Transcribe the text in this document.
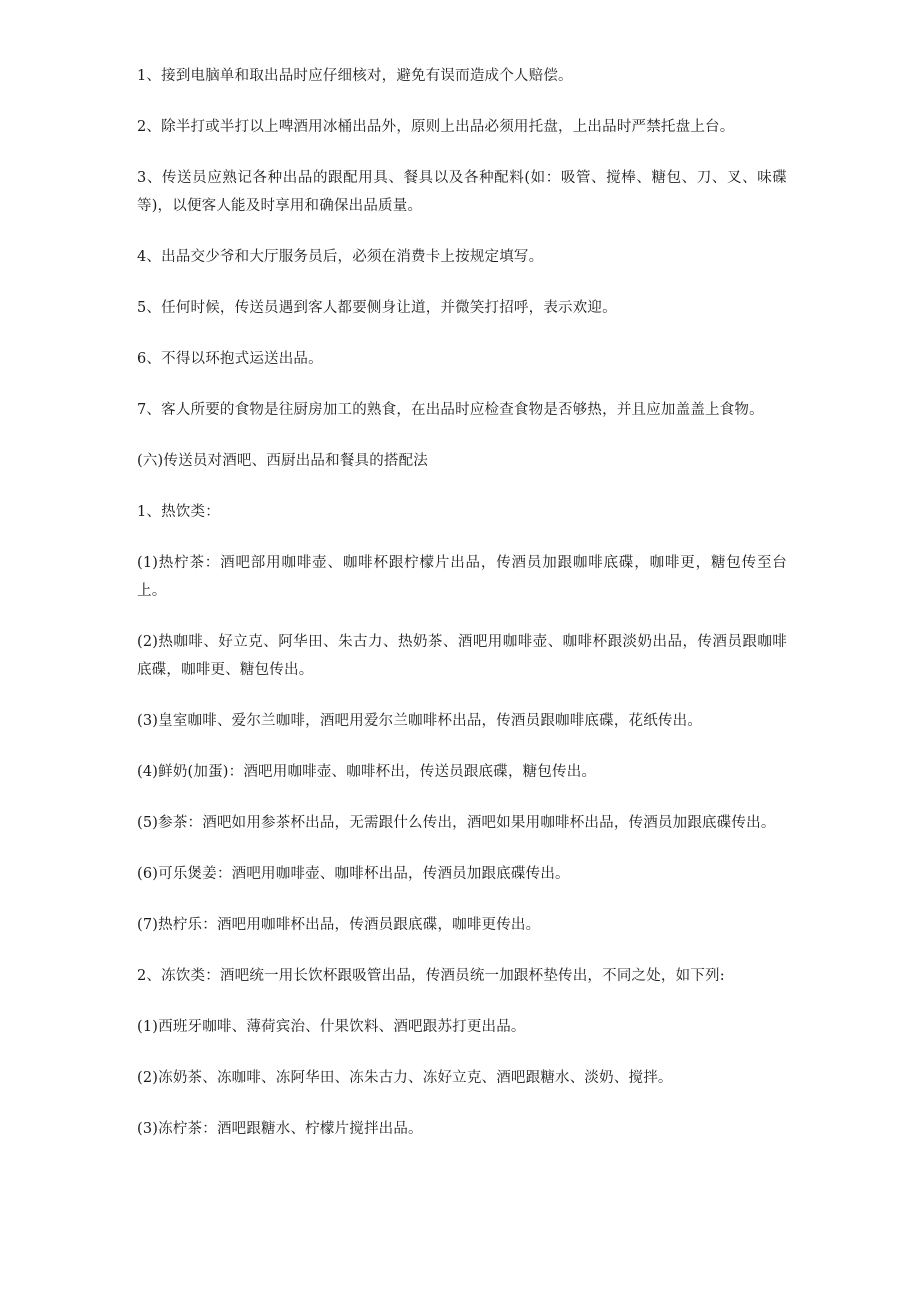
1、接到电脑单和取出品时应仔细核对，避免有误而造成个人赔偿。

2、除半打或半打以上啤酒用冰桶出品外，原则上出品必须用托盘，上出品时严禁托盘上台。

3、传送员应熟记各种出品的跟配用具、餐具以及各种配料(如：吸管、搅棒、糖包、刀、叉、味碟等)，以便客人能及时享用和确保出品质量。

4、出品交少爷和大厅服务员后，必须在消费卡上按规定填写。

5、任何时候，传送员遇到客人都要侧身让道，并微笑打招呼，表示欢迎。

6、不得以环抱式运送出品。

7、客人所要的食物是往厨房加工的熟食，在出品时应检查食物是否够热，并且应加盖盖上食物。

(六)传送员对酒吧、西厨出品和餐具的搭配法

1、热饮类：

(1)热柠茶：酒吧部用咖啡壶、咖啡杯跟柠檬片出品，传酒员加跟咖啡底碟，咖啡更，糖包传至台上。

(2)热咖啡、好立克、阿华田、朱古力、热奶茶、酒吧用咖啡壶、咖啡杯跟淡奶出品，传酒员跟咖啡底碟，咖啡更、糖包传出。

(3)皇室咖啡、爱尔兰咖啡，酒吧用爱尔兰咖啡杯出品，传酒员跟咖啡底碟，花纸传出。

(4)鲜奶(加蛋)：酒吧用咖啡壶、咖啡杯出，传送员跟底碟，糖包传出。

(5)参茶：酒吧如用参茶杯出品，无需跟什么传出，酒吧如果用咖啡杯出品，传酒员加跟底碟传出。

(6)可乐煲姜：酒吧用咖啡壶、咖啡杯出品，传酒员加跟底碟传出。

(7)热柠乐：酒吧用咖啡杯出品，传酒员跟底碟，咖啡更传出。

2、冻饮类：酒吧统一用长饮杯跟吸管出品，传酒员统一加跟杯垫传出，不同之处，如下列:

(1)西班牙咖啡、薄荷宾治、什果饮料、酒吧跟苏打更出品。

(2)冻奶茶、冻咖啡、冻阿华田、冻朱古力、冻好立克、酒吧跟糖水、淡奶、搅拌。

(3)冻柠茶：酒吧跟糖水、柠檬片搅拌出品。
